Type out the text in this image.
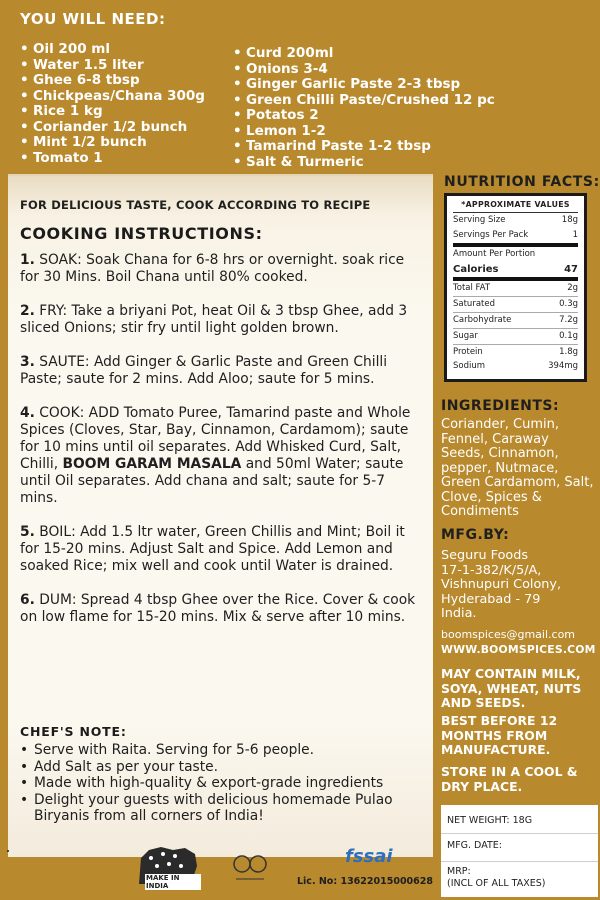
YOU WILL NEED:
• Oil 200 ml
• Water 1.5 liter
• Ghee 6-8 tbsp
• Chickpeas/Chana 300g
• Rice 1 kg
• Coriander 1/2 bunch
• Mint 1/2 bunch
• Tomato 1
• Curd 200ml
• Onions 3-4
• Ginger Garlic Paste 2-3 tbsp
• Green Chilli Paste/Crushed 12 pc
• Potatos 2
• Lemon 1-2
• Tamarind Paste 1-2 tbsp
• Salt & Turmeric
FOR DELICIOUS TASTE, COOK ACCORDING TO RECIPE
COOKING INSTRUCTIONS:

1. SOAK: Soak Chana for 6-8 hrs or overnight. soak rice for 30 Mins. Boil Chana until 80% cooked.

2. FRY: Take a briyani Pot, heat Oil & 3 tbsp Ghee, add 3 sliced Onions; stir fry until light golden brown.

3. SAUTE: Add Ginger & Garlic Paste and Green Chilli Paste; saute for 2 mins. Add Aloo; saute for 5 mins.

4. COOK: ADD Tomato Puree, Tamarind paste and Whole Spices (Cloves, Star, Bay, Cinnamon, Cardamom); saute for 10 mins until oil separates. Add Whisked Curd, Salt, Chilli, BOOM GARAM MASALA and 50ml Water; saute until Oil separates. Add chana and salt; saute for 5-7 mins.

5. BOIL: Add 1.5 ltr water, Green Chillis and Mint; Boil it for 15-20 mins. Adjust Salt and Spice. Add Lemon and soaked Rice; mix well and cook until Water is drained.

6. DUM: Spread 4 tbsp Ghee over the Rice. Cover & cook on low flame for 15-20 mins. Mix & serve after 10 mins.

CHEF'S NOTE:
• Serve with Raita. Serving for 5-6 people.
• Add Salt as per your taste.
• Made with high-quality & export-grade ingredients
• Delight your guests with delicious homemade Pulao Biryanis from all corners of India!
MAKE IN INDIA
fssai
Lic. No: 13622015000628
NUTRITION FACTS:
*APPROXIMATE VALUES
Serving Size	18g
Servings Per Pack	1
Amount Per Portion
Calories	47
Total FAT	2g
Saturated	0.3g
Carbohydrate	7.2g
Sugar	0.1g
Protein	1.8g
Sodium	394mg
INGREDIENTS:
Coriander, Cumin, Fennel, Caraway Seeds, Cinnamon, pepper, Nutmace, Green Cardamom, Salt, Clove, Spices & Condiments
MFG.BY:
Seguru Foods
17-1-382/K/5/A,
Vishnupuri Colony,
Hyderabad - 79
India.
boomspices@gmail.com
WWW.BOOMSPICES.COM
MAY CONTAIN MILK, SOYA, WHEAT, NUTS AND SEEDS.
BEST BEFORE 12 MONTHS FROM MANUFACTURE.
STORE IN A COOL & DRY PLACE.
NET WEIGHT: 18G
MFG. DATE:
MRP:
(INCL OF ALL TAXES)
